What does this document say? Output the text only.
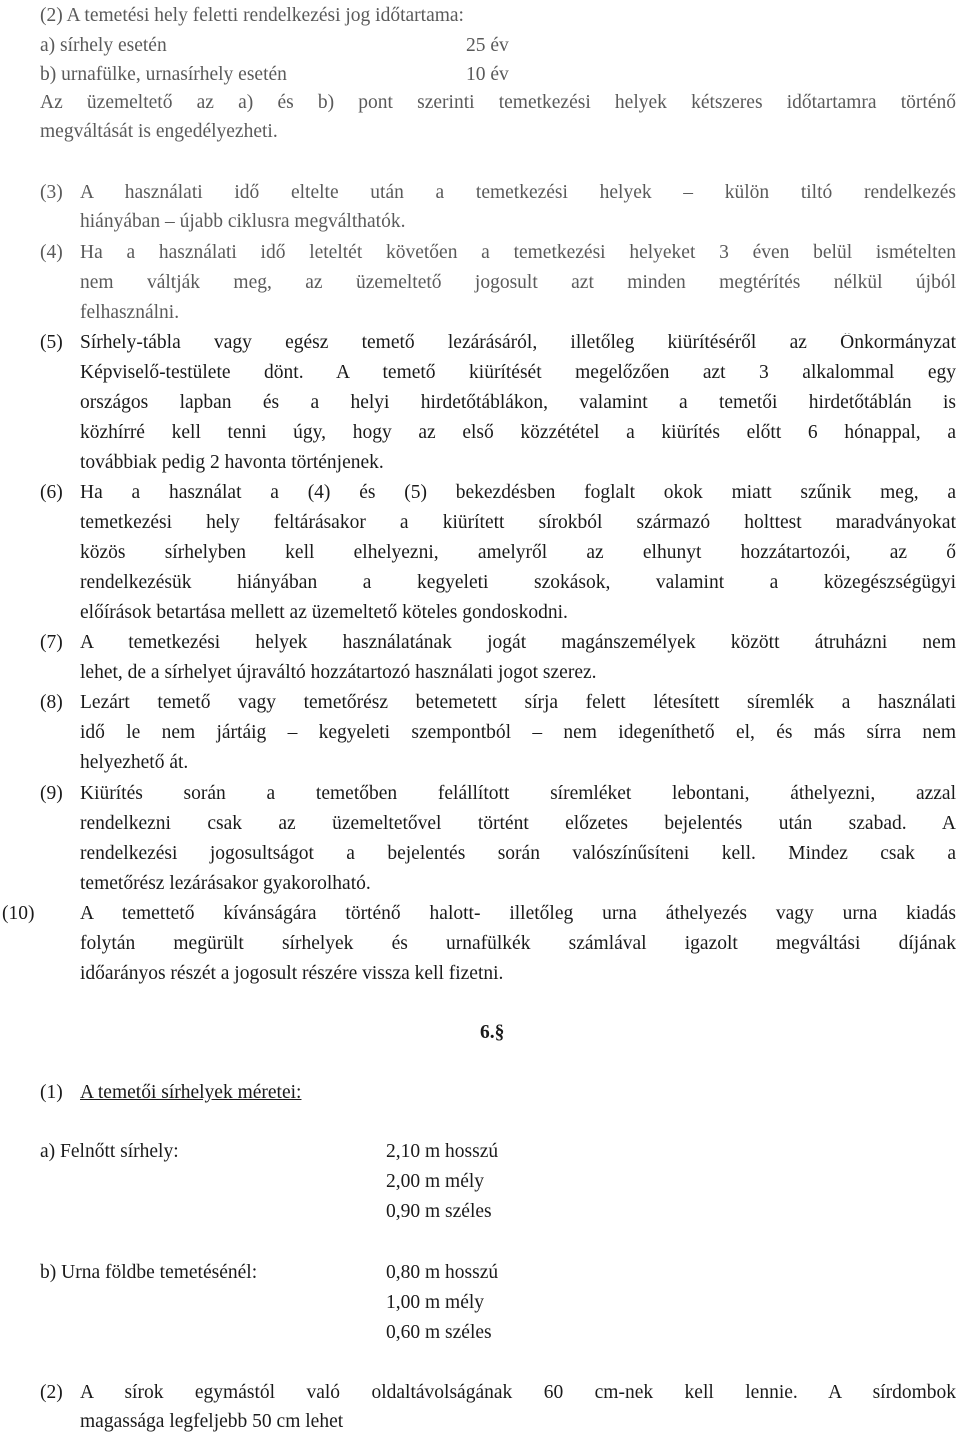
(2) A temetési hely feletti rendelkezési jog időtartama:
a) sírhely esetén	25 év
b) urnafülke, urnasírhely esetén	10 év
Az üzemeltető az a) és b) pont szerinti temetkezési helyek kétszeres időtartamra történő
megváltását is engedélyezheti.
(3) A használati idő eltelte után a temetkezési helyek – külön tiltó rendelkezés
hiányában – újabb ciklusra megválthatók.
(4) Ha a használati idő leteltét követően a temetkezési helyeket 3 éven belül ismételten
nem váltják meg, az üzemeltető jogosult azt minden megtérítés nélkül újból
felhasználni.
(5) Sírhely-tábla vagy egész temető lezárásáról, illetőleg kiürítéséről az Önkormányzat
Képviselő-testülete dönt. A temető kiürítését megelőzően azt 3 alkalommal egy
országos lapban és a helyi hirdetőtáblákon, valamint a temetői hirdetőtáblán is
közhírré kell tenni úgy, hogy az első közzététel a kiürítés előtt 6 hónappal, a
továbbiak pedig 2 havonta történjenek.
(6) Ha a használat a (4) és (5) bekezdésben foglalt okok miatt szűnik meg, a
temetkezési hely feltárásakor a kiürített sírokból származó holttest maradványokat
közös sírhelyben kell elhelyezni, amelyről az elhunyt hozzátartozói, az ő
rendelkezésük hiányában a kegyeleti szokások, valamint a közegészségügyi
előírások betartása mellett az üzemeltető köteles gondoskodni.
(7) A temetkezési helyek használatának jogát magánszemélyek között átruházni nem
lehet, de a sírhelyet újraváltó hozzátartozó használati jogot szerez.
(8) Lezárt temető vagy temetőrész betemetett sírja felett létesített síremlék a használati
idő le nem jártáig – kegyeleti szempontból – nem idegeníthető el, és más sírra nem
helyezhető át.
(9) Kiürítés során a temetőben felállított síremléket lebontani, áthelyezni, azzal
rendelkezni csak az üzemeltetővel történt előzetes bejelentés után szabad. A
rendelkezési jogosultságot a bejelentés során valószínűsíteni kell. Mindez csak a
temetőrész lezárásakor gyakorolható.
(10) A temettető kívánságára történő halott- illetőleg urna áthelyezés vagy urna kiadás
folytán megürült sírhelyek és urnafülkék számlával igazolt megváltási díjának
időarányos részét a jogosult részére vissza kell fizetni.
6.§
(1) A temetői sírhelyek méretei:
a) Felnőtt sírhely:	2,10 m hosszú
2,00 m mély
0,90 m széles
b) Urna földbe temetésénél:	0,80 m hosszú
1,00 m mély
0,60 m széles
(2) A sírok egymástól való oldaltávolságának 60 cm-nek kell lennie. A sírdombok
magassága legfeljebb 50 cm lehet
